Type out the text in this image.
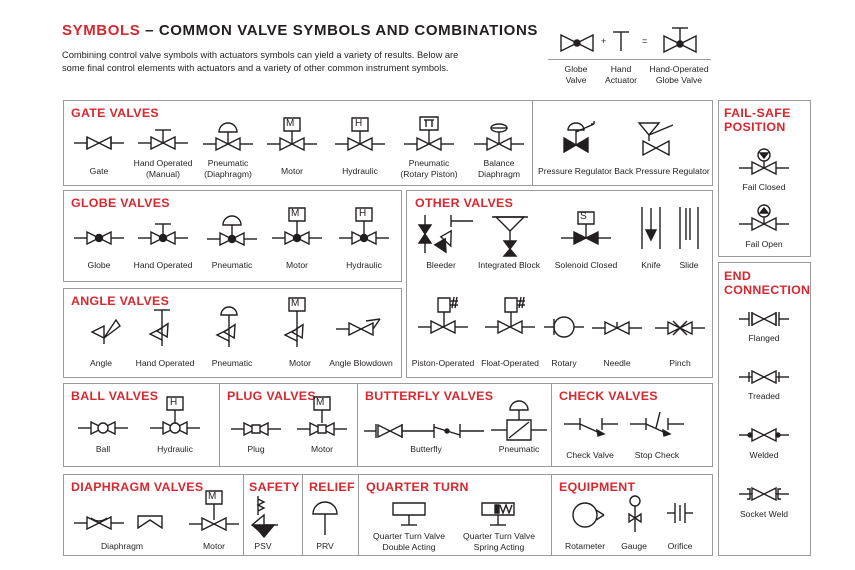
SYMBOLS – COMMON VALVE SYMBOLS AND COMBINATIONS
Combining control valve symbols with actuators symbols can yield a variety of results. Below are some final control elements with actuators and a variety of other common instrument symbols.
+	=
Globe
Valve
Hand
Actuator
Hand-Operated
Globe Valve
GATE VALVES
Gate
Hand Operated
(Manual)
Pneumatic
(Diaphragm)
M
Motor
H
Hydraulic
Pneumatic
(Rotary Piston)
Balance
Diaphragm Pressure Regulator Back Pressure Regulator
FAIL-SAFE
POSITION
Fail Closed
Fail Open
GLOBE VALVES
Globe	Hand Operated Pneumatic
M
Motor
H
Hydraulic
OTHER VALVES
Bleeder	Integrated Block
S
Solenoid Closed	Knife Slide
Piston-Operated Float-Operated Rotary	Needle	Pinch
END
CONNECTION
Flanged
Treaded
Welded
Socket Weld
ANGLE VALVES
Angle	Hand Operated Pneumatic
M
Motor Angle Blowdown
BALL VALVES
Ball
H
Hydraulic
PLUG VALVES
Plug
M
Motor
BUTTERFLY VALVES
Butterfly	Pneumatic
CHECK VALVES
Check Valve Stop Check
DIAPHRAGM VALVES
Diaphragm
M
Motor
SAFETY
PSV
RELIEF
PRV
QUARTER TURN
Quarter Turn Valve
Double Acting
Quarter Turn Valve
Spring Acting
EQUIPMENT
Rotameter Gauge Orifice
